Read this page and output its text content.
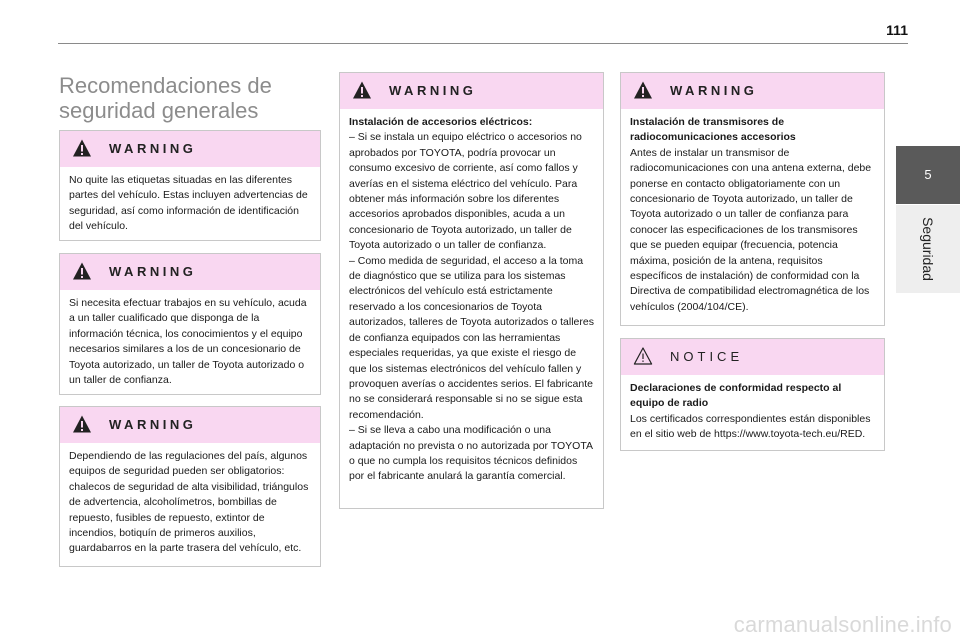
111
5
Seguridad
Recomendaciones de seguridad generales
WARNING

No quite las etiquetas situadas en las diferentes partes del vehículo. Estas incluyen advertencias de seguridad, así como información de identificación del vehículo.

WARNING

Si necesita efectuar trabajos en su vehículo, acuda a un taller cualificado que disponga de la información técnica, los conocimientos y el equipo necesarios similares a los de un concesionario de Toyota autorizado, un taller de Toyota autorizado o un taller de confianza.

WARNING

Dependiendo de las regulaciones del país, algunos equipos de seguridad pueden ser obligatorios: chalecos de seguridad de alta visibilidad, triángulos de advertencia, alcoholímetros, bombillas de repuesto, fusibles de repuesto, extintor de incendios, botiquín de primeros auxilios, guardabarros en la parte trasera del vehículo, etc.

WARNING

Instalación de accesorios eléctricos:

– Si se instala un equipo eléctrico o accesorios no aprobados por TOYOTA, podría provocar un consumo excesivo de corriente, así como fallos y averías en el sistema eléctrico del vehículo. Para obtener más información sobre los diferentes accesorios aprobados disponibles, acuda a un concesionario de Toyota autorizado, un taller de Toyota autorizado o un taller de confianza.

– Como medida de seguridad, el acceso a la toma de diagnóstico que se utiliza para los sistemas electrónicos del vehículo está estrictamente reservado a los concesionarios de Toyota autorizados, talleres de Toyota autorizados o talleres de confianza equipados con las herramientas especiales requeridas, ya que existe el riesgo de que los sistemas electrónicos del vehículo fallen y provoquen averías o accidentes serios. El fabricante no se considerará responsable si no se sigue esta recomendación.

– Si se lleva a cabo una modificación o una adaptación no prevista o no autorizada por TOYOTA o que no cumpla los requisitos técnicos definidos por el fabricante anulará la garantía comercial.

WARNING

Instalación de transmisores de radiocomunicaciones accesorios

Antes de instalar un transmisor de radiocomunicaciones con una antena externa, debe ponerse en contacto obligatoriamente con un concesionario de Toyota autorizado, un taller de Toyota autorizado o un taller de confianza para conocer las especificaciones de los transmisores que se pueden equipar (frecuencia, potencia máxima, posición de la antena, requisitos específicos de instalación) de conformidad con la Directiva de compatibilidad electromagnética de los vehículos (2004/104/CE).

NOTICE

Declaraciones de conformidad respecto al equipo de radio

Los certificados correspondientes están disponibles en el sitio web de https://www.toyota-tech.eu/RED.

carmanualsonline.info
